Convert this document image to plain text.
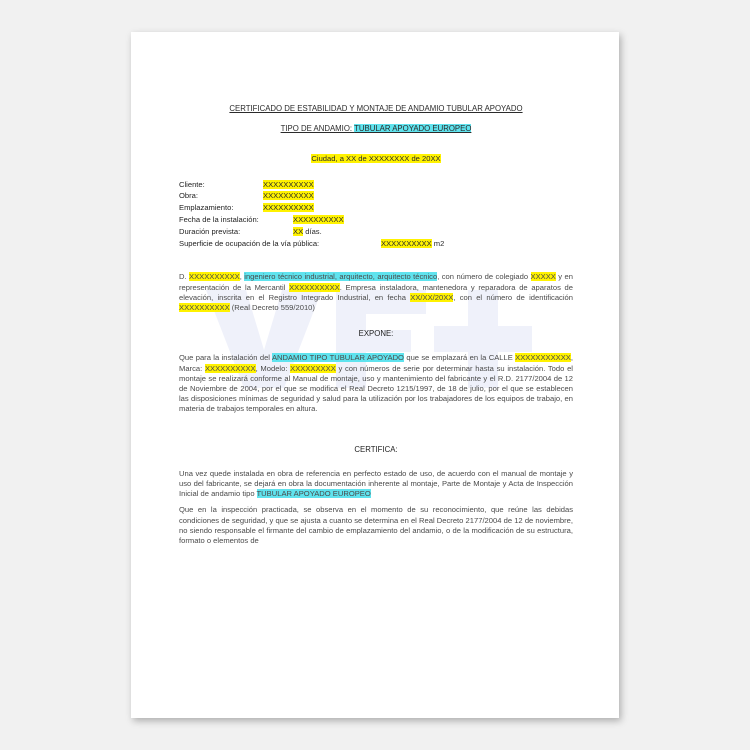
CERTIFICADO DE ESTABILIDAD Y MONTAJE DE ANDAMIO TUBULAR APOYADO
TIPO DE ANDAMIO: TUBULAR APOYADO EUROPEO
Ciudad, a XX de XXXXXXXX de 20XX
Cliente:	XXXXXXXXXX
Obra:	XXXXXXXXXX
Emplazamiento:	XXXXXXXXXX
Fecha de la instalación:	XXXXXXXXXX
Duración prevista:	XX días.
Superficie de ocupación de la vía pública:	XXXXXXXXXX m2
D. XXXXXXXXXX, ingeniero técnico industrial, arquitecto, arquitecto técnico, con número de colegiado XXXXX y en representación de la Mercantil XXXXXXXXXX. Empresa instaladora, mantenedora y reparadora de aparatos de elevación, inscrita en el Registro Integrado Industrial, en fecha XX/XX/20XX, con el número de identificación XXXXXXXXXX (Real Decreto 559/2010)
EXPONE:
Que para la instalación del ANDAMIO TIPO TUBULAR APOYADO que se emplazará en la CALLE XXXXXXXXXXX, Marca: XXXXXXXXXX, Modelo: XXXXXXXXX y con números de serie por determinar hasta su instalación. Todo el montaje se realizará conforme al Manual de montaje, uso y mantenimiento del fabricante y el R.D. 2177/2004 de 12 de Noviembre de 2004, por el que se modifica el Real Decreto 1215/1997, de 18 de julio, por el que se establecen las disposiciones mínimas de seguridad y salud para la utilización por los trabajadores de los equipos de trabajo, en materia de trabajos temporales en altura.
CERTIFICA:
Una vez quede instalada en obra de referencia en perfecto estado de uso, de acuerdo con el manual de montaje y uso del fabricante, se dejará en obra la documentación inherente al montaje, Parte de Montaje y Acta de Inspección Inicial de andamio tipo TUBULAR APOYADO EUROPEO
Que en la inspección practicada, se observa en el momento de su reconocimiento, que reúne las debidas condiciones de seguridad, y que se ajusta a cuanto se determina en el Real Decreto 2177/2004 de 12 de noviembre, no siendo responsable el firmante del cambio de emplazamiento del andamio, o de la modificación de su estructura, formato o elementos de
